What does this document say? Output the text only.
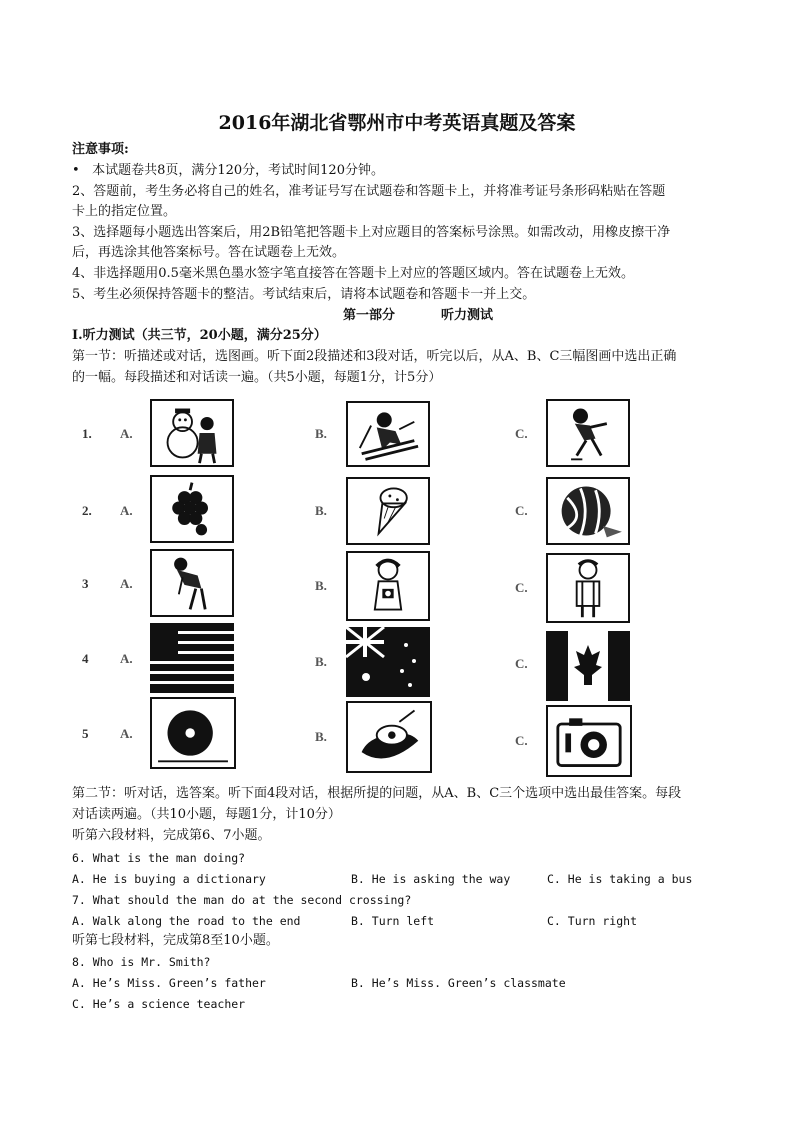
2016年湖北省鄂州市中考英语真题及答案
注意事项:
• 本试题卷共8页，满分120分，考试时间120分钟。
2、答题前，考生务必将自己的姓名，准考证号写在试题卷和答题卡上，并将准考证号条形码粘贴在答题
卡上的指定位置。
3、选择题每小题选出答案后，用2B铅笔把答题卡上对应题目的答案标号涂黑。如需改动，用橡皮擦干净
后，再选涂其他答案标号。答在试题卷上无效。
4、非选择题用0.5毫米黑色墨水签字笔直接答在答题卡上对应的答题区域内。答在试题卷上无效。
5、考生必须保持答题卡的整洁。考试结束后，请将本试题卷和答题卡一并上交。
第一部分	听力测试
Ⅰ.听力测试（共三节，20小题，满分25分）
第一节：听描述或对话，选图画。听下面2段描述和3段对话，听完以后，从A、B、C三幅图画中选出正确
的一幅。每段描述和对话读一遍。（共5小题，每题1分，计5分）
1. A.	B.	C.
2. A.	B.	C.
3 A.	B.	C.
4 A.	B.	C.
5 A.	B.	C.
第二节：听对话，选答案。听下面4段对话，根据所提的问题，从A、B、C三个选项中选出最佳答案。每段
对话读两遍。（共10小题，每题1分，计10分）
听第六段材料，完成第6、7小题。
6. What is the man doing?
A. He is buying a dictionary	B. He is asking the way	C. He is taking a bus
7. What should the man do at the second crossing?
A. Walk along the road to the end	B. Turn left	C. Turn right
听第七段材料，完成第8至10小题。
8. Who is Mr. Smith?
A. He’s Miss. Green’s father	B. He’s Miss. Green’s classmate
C. He’s a science teacher
